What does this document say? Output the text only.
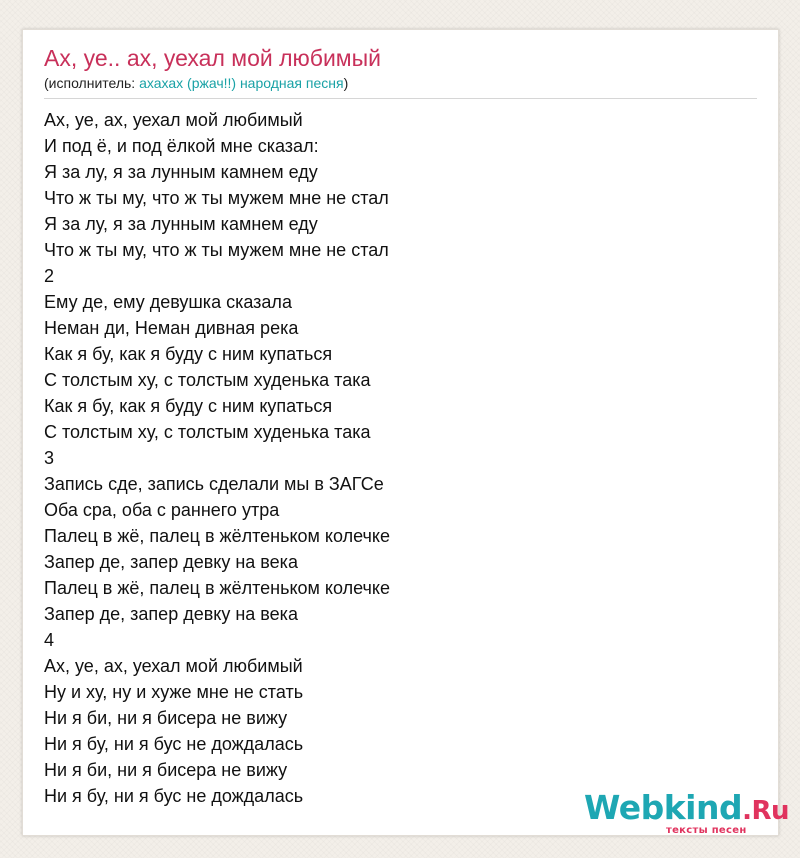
Ах, уе.. ах, уехал мой любимый
(исполнитель: ахахах (ржач!!) народная песня)
Ах, уе, ах, уехал мой любимый
И под ё, и под ёлкой мне сказал:
Я за лу, я за лунным камнем еду
Что ж ты му, что ж ты мужем мне не стал
Я за лу, я за лунным камнем еду
Что ж ты му, что ж ты мужем мне не стал
2
Ему де, ему девушка сказала
Неман ди, Неман дивная река
Как я бу, как я буду с ним купаться
С толстым ху, с толстым худенька така
Как я бу, как я буду с ним купаться
С толстым ху, с толстым худенька така
3
Запись сде, запись сделали мы в ЗАГСе
Оба сра, оба с раннего утра
Палец в жё, палец в жёлтеньком колечке
Запер де, запер девку на века
Палец в жё, палец в жёлтеньком колечке
Запер де, запер девку на века
4
Ах, уе, ах, уехал мой любимый
Ну и ху, ну и хуже мне не стать
Ни я би, ни я бисера не вижу
Ни я бу, ни я бус не дождалась
Ни я би, ни я бисера не вижу
Ни я бу, ни я бус не дождалась	Webkind.Ru
тексты песен
